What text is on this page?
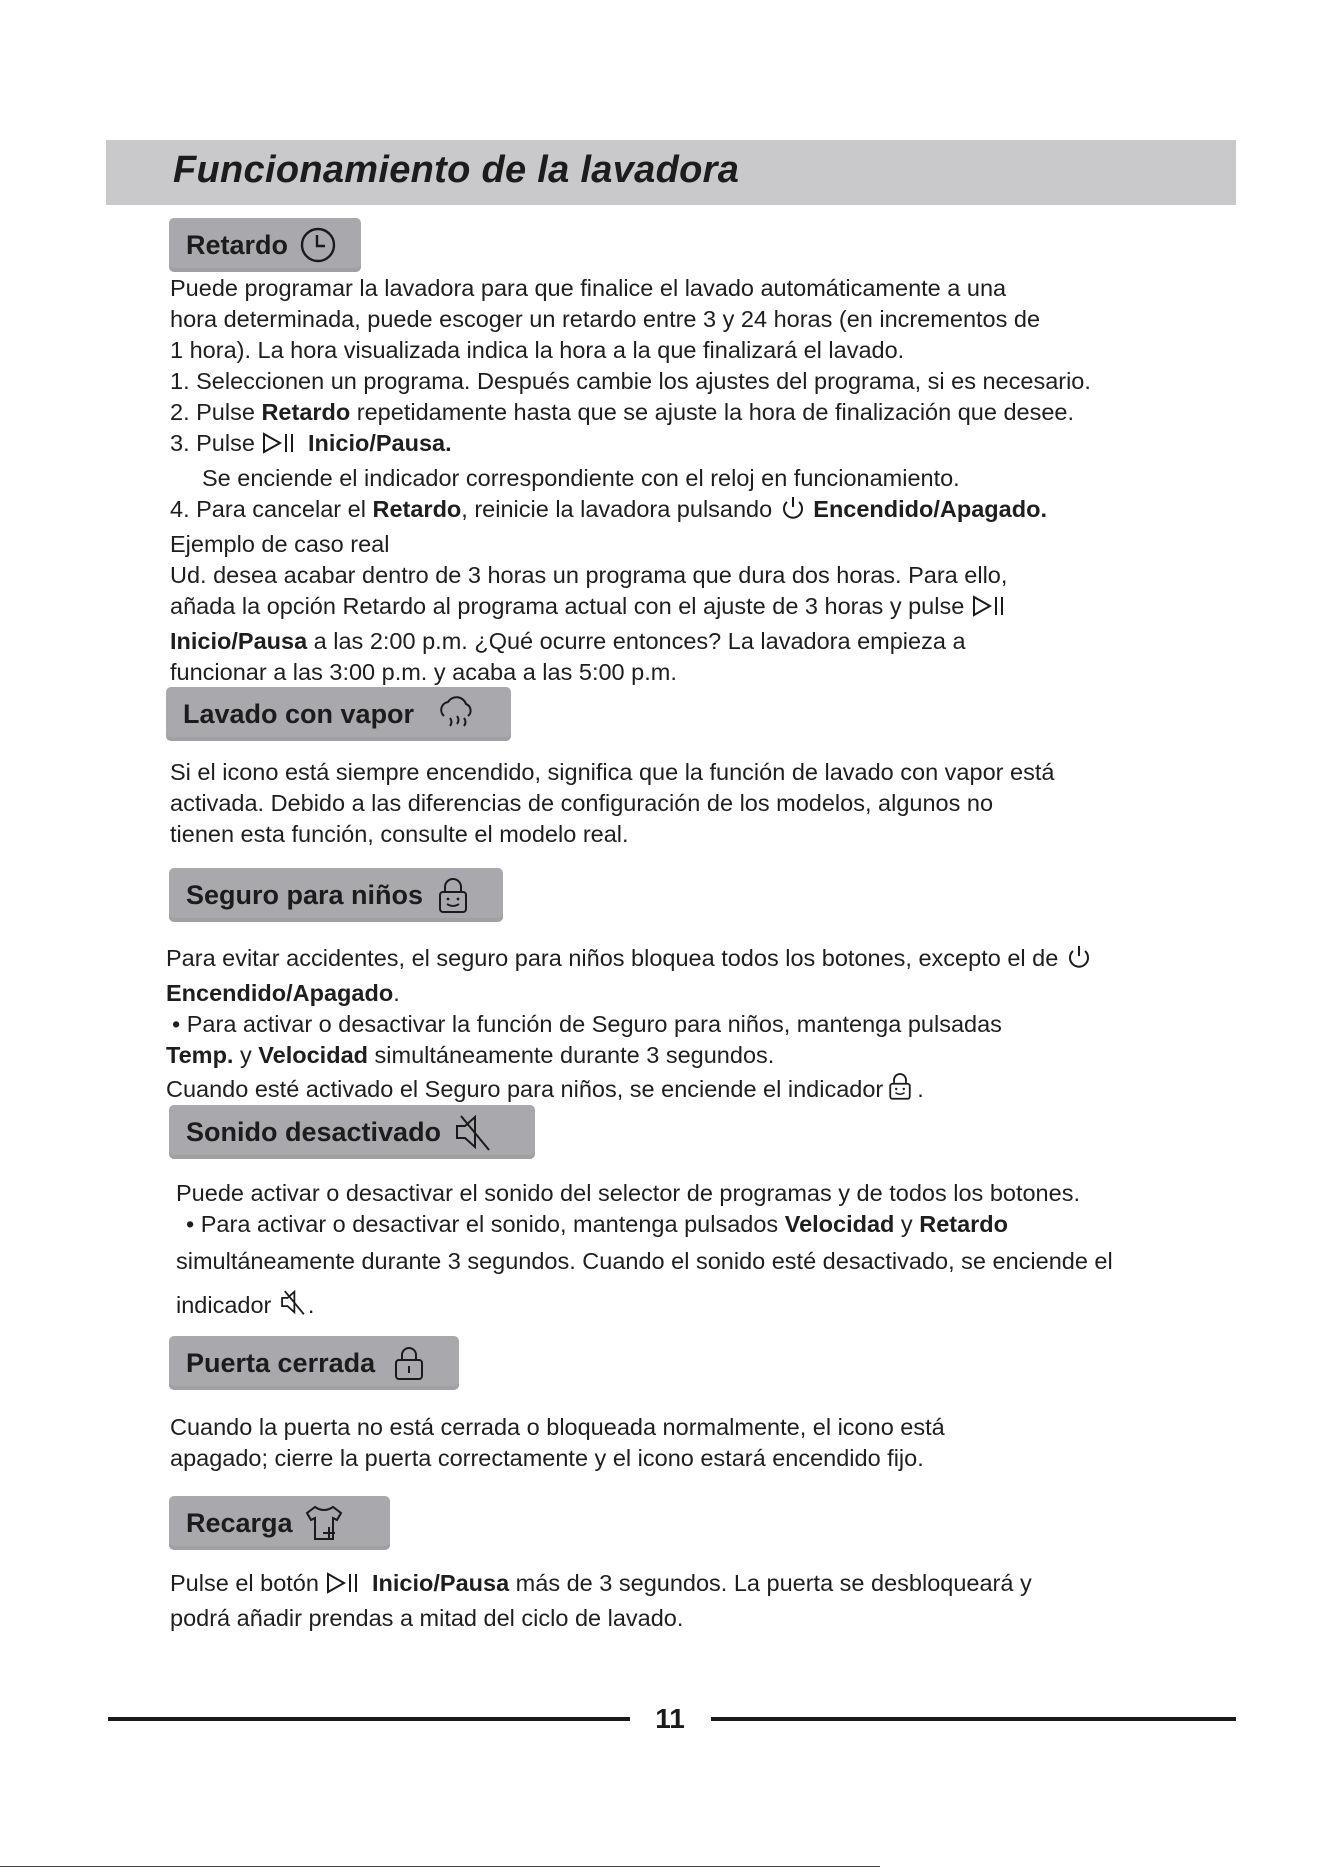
Funcionamiento de la lavadora
Retardo

Puede programar la lavadora para que finalice el lavado automáticamente a una

hora determinada, puede escoger un retardo entre 3 y 24 horas (en incrementos de

1 hora). La hora visualizada indica la hora a la que finalizará el lavado.

1. Seleccionen un programa. Después cambie los ajustes del programa, si es necesario.

2. Pulse Retardo repetidamente hasta que se ajuste la hora de finalización que desee.

3. Pulse  Inicio/Pausa.

Se enciende el indicador correspondiente con el reloj en funcionamiento.

4. Para cancelar el Retardo, reinicie la lavadora pulsando  Encendido/Apagado.

Ejemplo de caso real

Ud. desea acabar dentro de 3 horas un programa que dura dos horas. Para ello,

añada la opción Retardo al programa actual con el ajuste de 3 horas y pulse

Inicio/Pausa a las 2:00 p.m. ¿Qué ocurre entonces? La lavadora empieza a

funcionar a las 3:00 p.m. y acaba a las 5:00 p.m.

Lavado con vapor

Si el icono está siempre encendido, significa que la función de lavado con vapor está

activada. Debido a las diferencias de configuración de los modelos, algunos no

tienen esta función, consulte el modelo real.

Seguro para niños

Para evitar accidentes, el seguro para niños bloquea todos los botones, excepto el de

Encendido/Apagado.

• Para activar o desactivar la función de Seguro para niños, mantenga pulsadas

Temp. y Velocidad simultáneamente durante 3 segundos.

Cuando esté activado el Seguro para niños, se enciende el indicador .

Sonido desactivado

Puede activar o desactivar el sonido del selector de programas y de todos los botones.

• Para activar o desactivar el sonido, mantenga pulsados Velocidad y Retardo

simultáneamente durante 3 segundos. Cuando el sonido esté desactivado, se enciende el

indicador .

Puerta cerrada

Cuando la puerta no está cerrada o bloqueada normalmente, el icono está

apagado; cierre la puerta correctamente y el icono estará encendido fijo.

Recarga

Pulse el botón  Inicio/Pausa más de 3 segundos. La puerta se desbloqueará y

podrá añadir prendas a mitad del ciclo de lavado.

11
